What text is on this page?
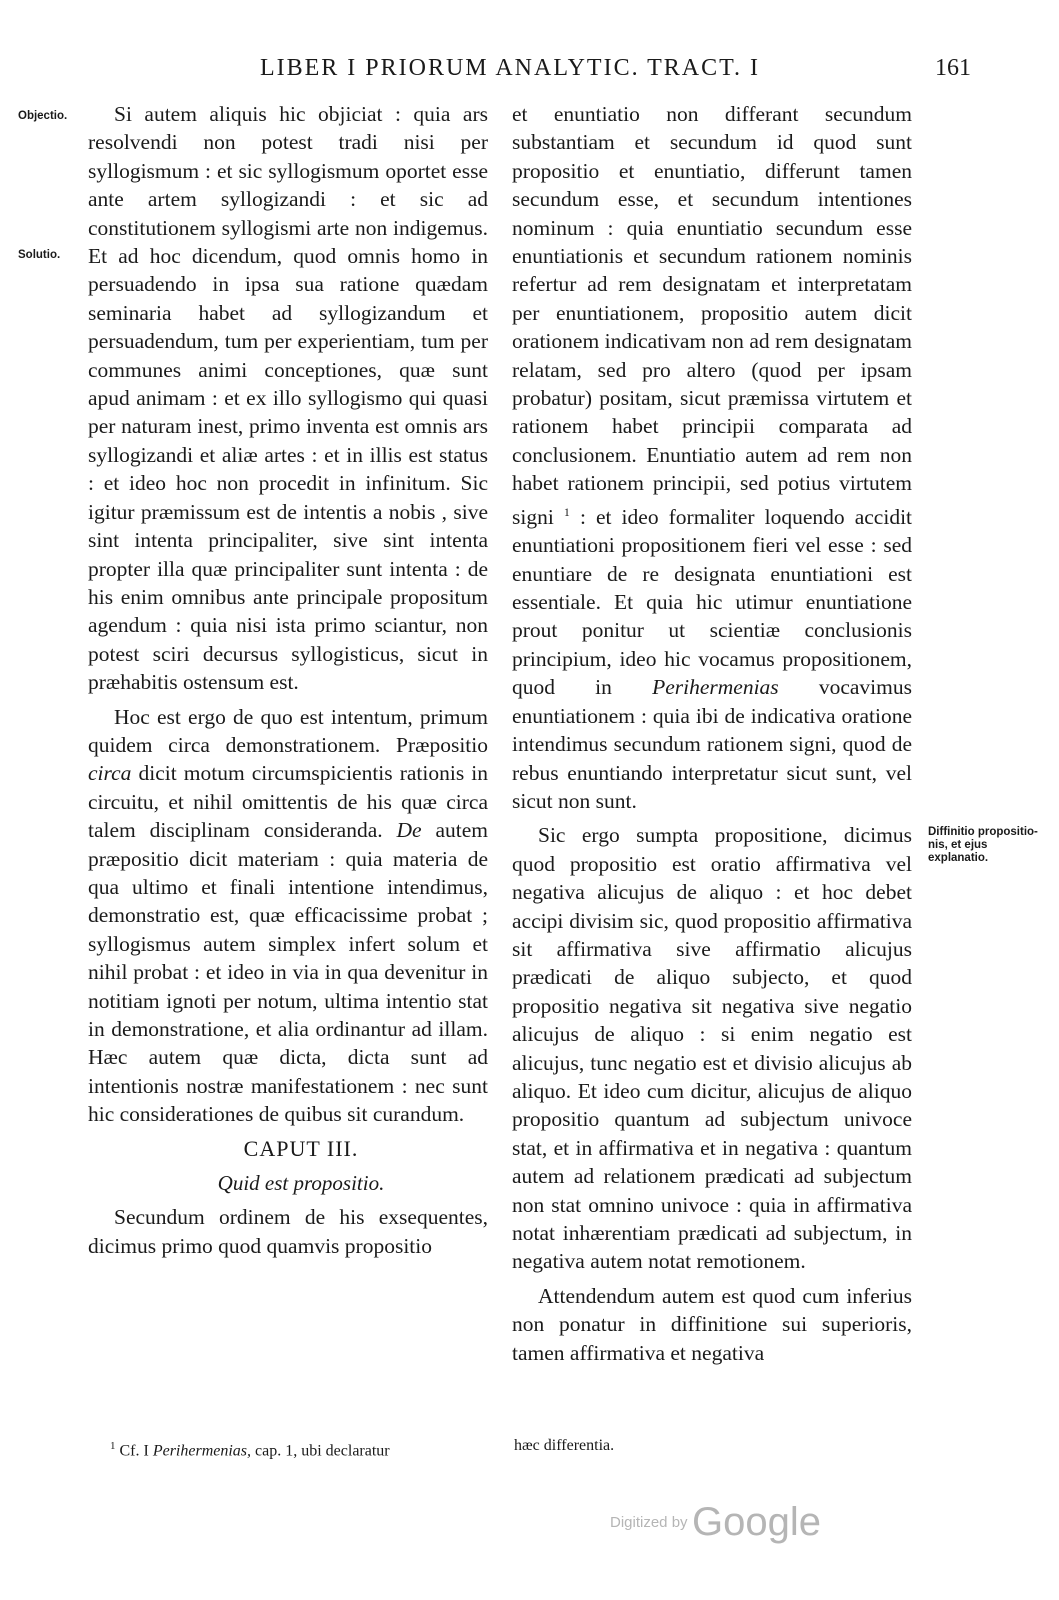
LIBER I PRIORUM ANALYTIC. TRACT. I	161
Objectio.
Solutio.
Diffinitio propositio- nis, et ejus explanatio.

Si autem aliquis hic objiciat : quia ars resolvendi non potest tradi nisi per syllogismum : et sic syllogismum oportet esse ante artem syllogizandi : et sic ad constitutionem syllogismi arte non indigemus. Et ad hoc dicendum, quod omnis homo in persuadendo in ipsa sua ratione quædam seminaria habet ad syllogizandum et persuadendum, tum per experientiam, tum per communes animi conceptiones, quæ sunt apud animam : et ex illo syllogismo qui quasi per naturam inest, primo inventa est omnis ars syllogizandi et aliæ artes : et in illis est status : et ideo hoc non procedit in infinitum. Sic igitur præmissum est de intentis a nobis , sive sint intenta principaliter, sive sint intenta propter illa quæ principaliter sunt intenta : de his enim omnibus ante principale propositum agendum : quia nisi ista primo sciantur, non potest sciri decursus syllogisticus, sicut in præhabitis ostensum est.

Hoc est ergo de quo est intentum, primum quidem circa demonstrationem. Præpositio circa dicit motum circumspicientis rationis in circuitu, et nihil omittentis de his quæ circa talem disciplinam consideranda. De autem præpositio dicit materiam : quia materia de qua ultimo et finali intentione intendimus, demonstratio est, quæ efficacissime probat ; syllogismus autem simplex infert solum et nihil probat : et ideo in via in qua devenitur in notitiam ignoti per notum, ultima intentio stat in demonstratione, et alia ordinantur ad illam. Hæc autem quæ dicta, dicta sunt ad intentionis nostræ manifestationem : nec sunt hic considerationes de quibus sit curandum.

CAPUT III.

Quid est propositio.

Secundum ordinem de his exsequentes, dicimus primo quod quamvis propositio

et enuntiatio non differant secundum substantiam et secundum id quod sunt propositio et enuntiatio, differunt tamen secundum esse, et secundum intentiones nominum : quia enuntiatio secundum esse enuntiationis et secundum rationem nominis refertur ad rem designatam et interpretatam per enuntiationem, propositio autem dicit orationem indicativam non ad rem designatam relatam, sed pro altero (quod per ipsam probatur) positam, sicut præmissa virtutem et rationem habet principii comparata ad conclusionem. Enuntiatio autem ad rem non habet rationem principii, sed potius virtutem signi $^1$ : et ideo formaliter loquendo accidit enuntiationi propositionem fieri vel esse : sed enuntiare de re designata enuntiationi est essentiale. Et quia hic utimur enuntiatione prout ponitur ut scientiæ conclusionis principium, ideo hic vocamus propositionem, quod in Perihermenias vocavimus enuntiationem : quia ibi de indicativa oratione intendimus secundum rationem signi, quod de rebus enuntiando interpretatur sicut sunt, vel sicut non sunt.

Sic ergo sumpta propositione, dicimus quod propositio est oratio affirmativa vel negativa alicujus de aliquo : et hoc debet accipi divisim sic, quod propositio affirmativa sit affirmativa sive affirmatio alicujus prædicati de aliquo subjecto, et quod propositio negativa sit negativa sive negatio alicujus de aliquo : si enim negatio est alicujus, tunc negatio est et divisio alicujus ab aliquo. Et ideo cum dicitur, alicujus de aliquo propositio quantum ad subjectum univoce stat, et in affirmativa et in negativa : quantum autem ad relationem prædicati ad subjectum non stat omnino univoce : quia in affirmativa notat inhærentiam prædicati ad subjectum, in negativa autem notat remotionem.

Attendendum autem est quod cum inferius non ponatur in diffinitione sui superioris, tamen affirmativa et negativa

$^1$ Cf. I Perihermenias, cap. 1, ubi declaratur	hæc differentia.
Digitized by Google
